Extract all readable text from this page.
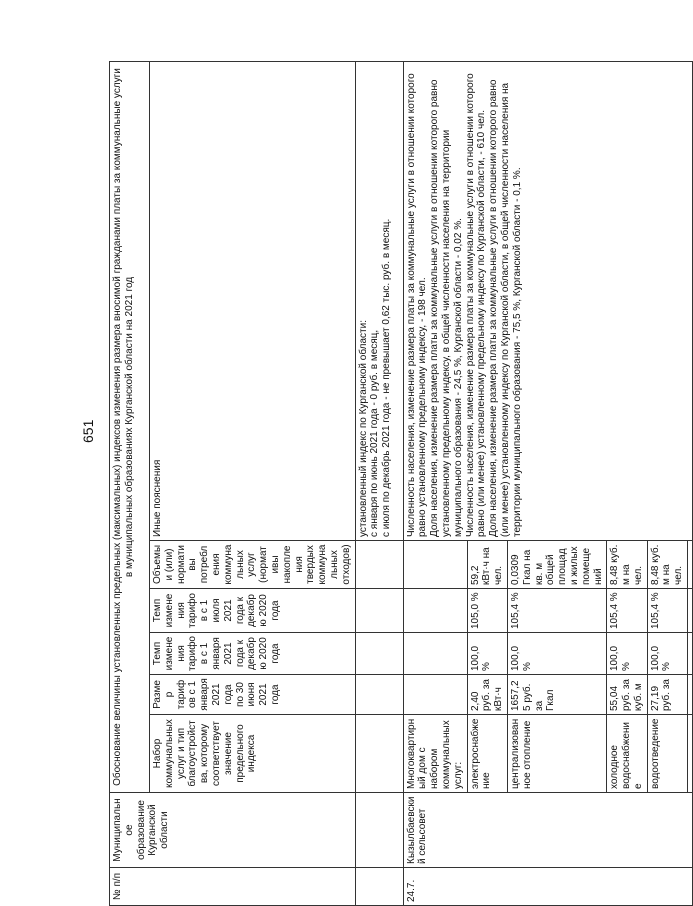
651
№ п/п	Муниципальное образование Курганской области	Обоснование величины установленных предельных (максимальных) индексов изменения размера вносимой гражданами платы за коммунальные услуги в муниципальных образованиях Курганской области на 2021 год					
		Набор коммунальных услуг и тип благоустройства, которому соответствует значение предельного индекса	Размер тарифов с 1 января 2021 года по 30 июня 2021 года	Темп изменения тарифов с 1 января 2021 года к декабрю 2020 года	Темп изменения тарифов с 1 июля 2021 года к декабрю 2020 года	Объемы и (или) нормативы потребления коммунальных услуг (нормативы накопления твердых коммунальных отходов)	Иные пояснения
							установленный индекс по Курганской области:
с января по июнь 2021 года - 0 руб. в месяц,
с июля по декабрь 2021 года - не превышает 0,62 тыс. руб. в месяц.
24.7.	Кызылбаевский сельсовет	Многоквартирный дом с набором коммунальных услуг:					Численность населения, изменение размера платы за коммунальные услуги в отношении которого равно установленному предельному индексу, - 198 чел.
Доля населения, изменение размера платы за коммунальные услуги в отношении которого равно установленному предельному индексу, в общей численности населения на территории муниципального образования - 24,5 %, Курганской области - 0,02 %.
Численность населения, изменение размера платы за коммунальные услуги в отношении которого равно (или менее) установленному предельному индексу по Курганской области, - 610 чел.
Доля населения, изменение размера платы за коммунальные услуги в отношении которого равно (или менее) установленному индексу по Курганской области, в общей численности населения на территории муниципального образования - 75,5 %, Курганской области - 0,1 %.
		электроснабжение	2,40 руб. за кВт·ч	100,0 %	105,0 %	59,2 кВт·ч на чел.	
		централизованное отопление	1657,25 руб. за Гкал	100,0 %	105,4 %	0,0309 Гкал на кв. м общей площади жилых помещений	
		холодное водоснабжение	55,04 руб. за куб. м	100,0 %	105,4 %	8,48 куб. м на чел.	
		водоотведение	27,19 руб. за	100,0 %	105,4 %	8,48 куб. м на чел.	
